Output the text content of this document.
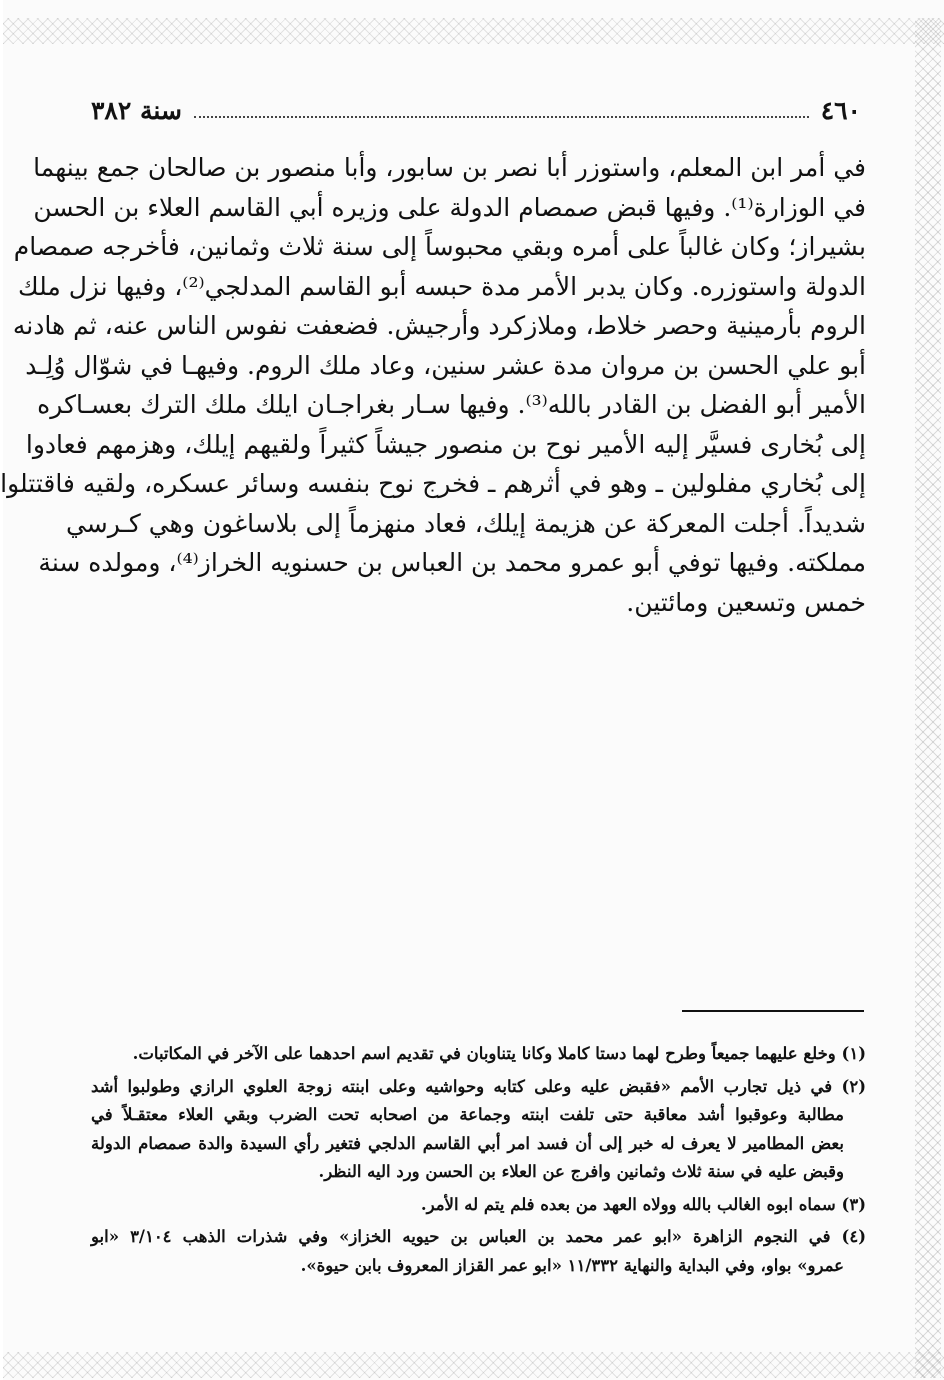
٤٦٠
سنة ٣٨٢
في أمر ابن المعلم، واستوزر أبا نصر بن سابور، وأبا منصور بن صالحان جمع بينهما
في الوزارة⁽¹⁾. وفيها قبض صمصام الدولة على وزيره أبي القاسم العلاء بن الحسن
بشيراز؛ وكان غالباً على أمره وبقي محبوساً إلى سنة ثلاث وثمانين، فأخرجه صمصام
الدولة واستوزره. وكان يدبر الأمر مدة حبسه أبو القاسم المدلجي⁽²⁾، وفيها نزل ملك
الروم بأرمينية وحصر خلاط، وملازكرد وأرجيش. فضعفت نفوس الناس عنه، ثم هادنه
أبو علي الحسن بن مروان مدة عشر سنين، وعاد ملك الروم. وفيهـا في شوّال وُلِـد
الأمير أبو الفضل بن القادر بالله⁽³⁾. وفيها سـار بغراجـان ايلك ملك الترك بعسـاكره
إلى بُخارى فسيَّر إليه الأمير نوح بن منصور جيشاً كثيراً ولقيهم إيلك، وهزمهم فعادوا
إلى بُخاري مفلولين ـ وهو في أثرهم ـ فخرج نوح بنفسه وسائر عسكره، ولقيه فاقتتلوا
شديداً. أجلت المعركة عن هزيمة إيلك، فعاد منهزماً إلى بلاساغون وهي كـرسي
مملكته. وفيها توفي أبو عمرو محمد بن العباس بن حسنويه الخراز⁽⁴⁾، ومولده سنة
خمس وتسعين ومائتين.
(١) وخلع عليهما جميعاً وطرح لهما دستا كاملا وكانا يتناوبان في تقديم اسم احدهما على الآخر في المكاتبات.
(٢) في ذيل تجارب الأمم «فقبض عليه وعلى كتابه وحواشيه وعلى ابنته زوجة العلوي الرازي وطولبوا أشد
مطالبة وعوقبوا أشد معاقبة حتى تلفت ابنته وجماعة من اصحابه تحت الضرب وبقي العلاء معتقـلاً في
بعض المطامير لا يعرف له خبر إلى أن فسد امر أبي القاسم الدلجي فتغير رأي السيدة والدة صمصام الدولة
وقبض عليه في سنة ثلاث وثمانين وافرج عن العلاء بن الحسن ورد اليه النظر.
(٣) سماه ابوه الغالب بالله وولاه العهد من بعده فلم يتم له الأمر.
(٤) في النجوم الزاهرة «ابو عمر محمد بن العباس بن حيويه الخزاز» وفي شذرات الذهب ٣/١٠٤ «ابو
عمرو» بواو، وفي البداية والنهاية ١١/٣٣٢ «ابو عمر القزاز المعروف بابن حيوة».
